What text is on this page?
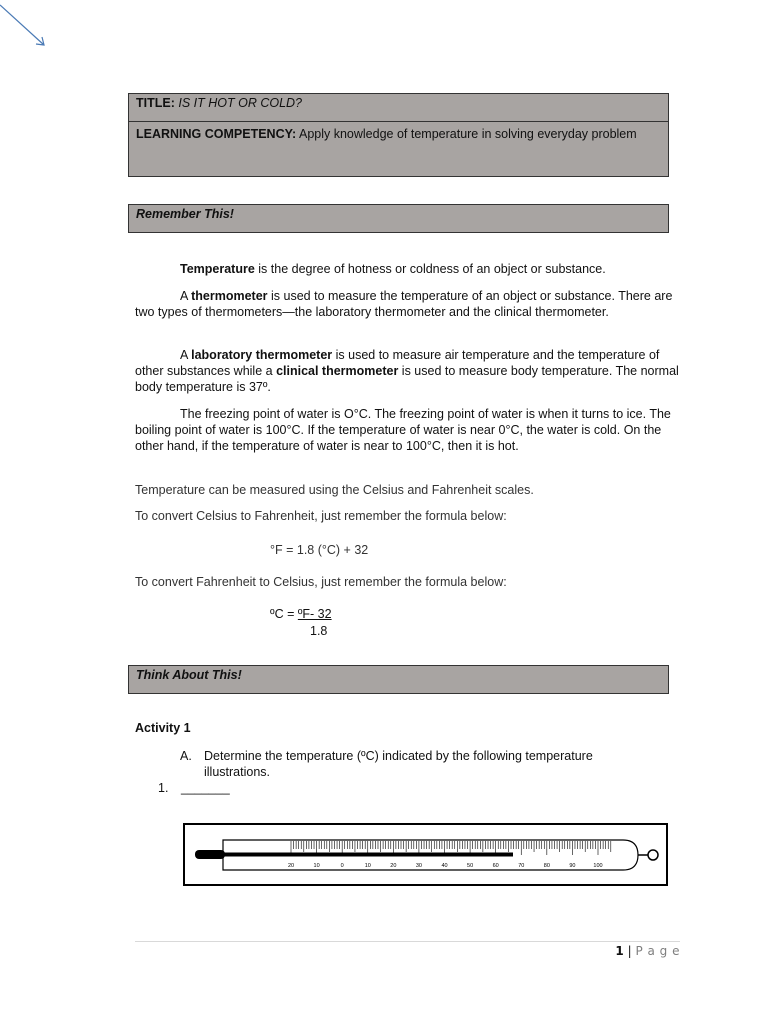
TITLE: IS IT HOT OR COLD?
LEARNING COMPETENCY: Apply knowledge of temperature in solving everyday problem
Remember This!
Temperature is the degree of hotness or coldness of an object or substance.
A thermometer is used to measure the temperature of an object or substance. There are two types of thermometers—the laboratory thermometer and the clinical thermometer.
A laboratory thermometer is used to measure air temperature and the temperature of other substances while a clinical thermometer is used to measure body temperature. The normal body temperature is 37º.
The freezing point of water is O°C. The freezing point of water is when it turns to ice. The boiling point of water is 100°C. If the temperature of water is near 0°C, the water is cold. On the other hand, if the temperature of water is near to 100°C, then it is hot.
Temperature can be measured using the Celsius and Fahrenheit scales.
To convert Celsius to Fahrenheit, just remember the formula below:
°F = 1.8 (°C) + 32
To convert Fahrenheit to Celsius, just remember the formula below:
ºC = ºF- 32
1.8
Think About This!
Activity 1
A. Determine the temperature (ºC) indicated by the following temperature illustrations.
1. _______
20	10	0	10	20	30	40	50	60	70	80	90	100
1 | P a g e
